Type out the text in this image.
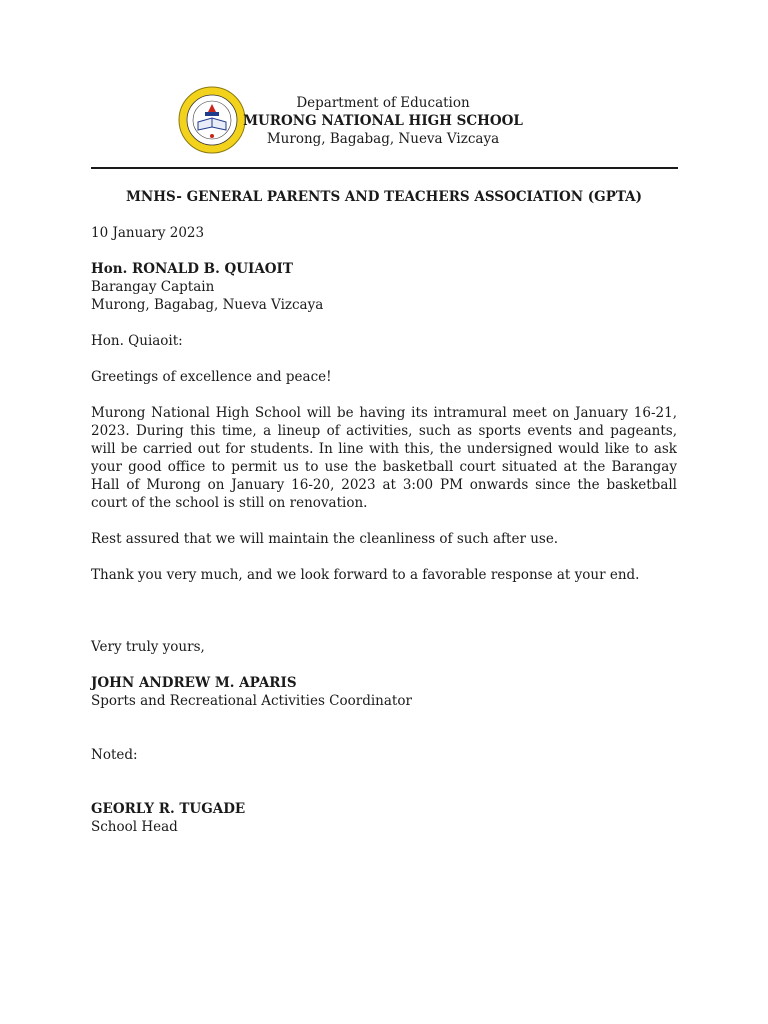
Department of Education
MURONG NATIONAL HIGH SCHOOL
Murong, Bagabag, Nueva Vizcaya

MNHS- GENERAL PARENTS AND TEACHERS ASSOCIATION (GPTA)

10 January 2023

Hon. RONALD B. QUIAOIT

Barangay Captain

Murong, Bagabag, Nueva Vizcaya

Hon. Quiaoit:

Greetings of excellence and peace!

Murong National High School will be having its intramural meet on January 16-21, 2023. During this time, a lineup of activities, such as sports events and pageants, will be carried out for students. In line with this, the undersigned would like to ask your good office to permit us to use the basketball court situated at the Barangay Hall of Murong on January 16-20, 2023 at 3:00 PM onwards since the basketball court of the school is still on renovation.

Rest assured that we will maintain the cleanliness of such after use.

Thank you very much, and we look forward to a favorable response at your end.

Very truly yours,

JOHN ANDREW M. APARIS

Sports and Recreational Activities Coordinator

Noted:

GEORLY R. TUGADE

School Head
